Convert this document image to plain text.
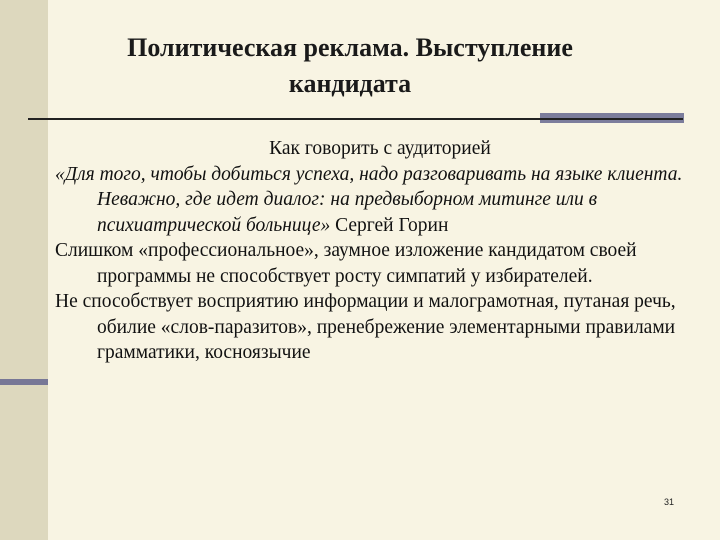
Политическая реклама. Выступление
кандидата
Как говорить с аудиторией
«Для того, чтобы добиться успеха, надо разговаривать на языке клиента. Неважно, где идет диалог: на предвыборном митинге или в психиатрической больнице» Сергей Горин
Слишком «профессиональное», заумное изложение кандидатом своей программы не способствует росту симпатий у избирателей.
Не способствует восприятию информации и малограмотная, путаная речь, обилие «слов-паразитов», пренебрежение элементарными правилами грамматики, косноязычие
31
